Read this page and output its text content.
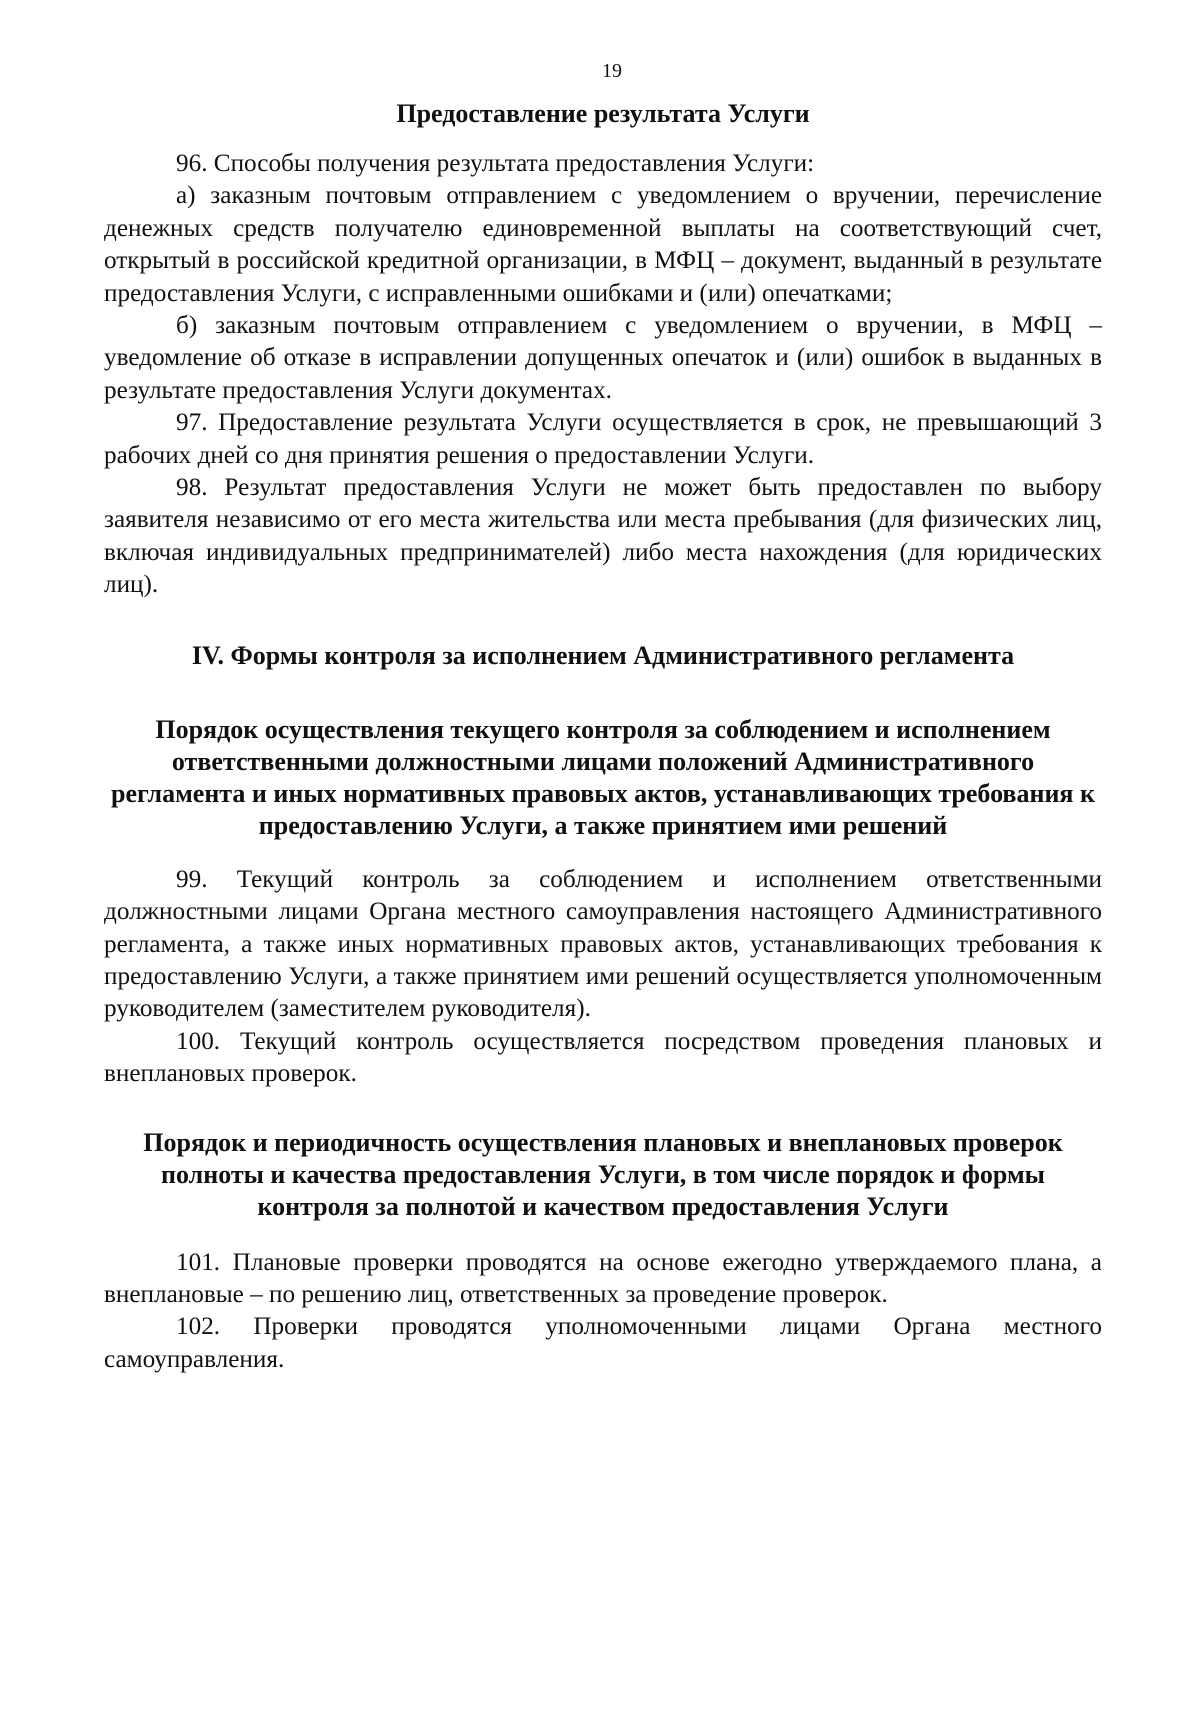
19
Предоставление результата Услуги

96. Способы получения результата предоставления Услуги:

а) заказным почтовым отправлением с уведомлением о вручении, перечисление денежных средств получателю единовременной выплаты на соответствующий счет, открытый в российской кредитной организации, в МФЦ – документ, выданный в результате предоставления Услуги, с исправленными ошибками и (или) опечатками;

б) заказным почтовым отправлением с уведомлением о вручении, в МФЦ – уведомление об отказе в исправлении допущенных опечаток и (или) ошибок в выданных в результате предоставления Услуги документах.

97. Предоставление результата Услуги осуществляется в срок, не превышающий 3 рабочих дней со дня принятия решения о предоставлении Услуги.

98. Результат предоставления Услуги не может быть предоставлен по выбору заявителя независимо от его места жительства или места пребывания (для физических лиц, включая индивидуальных предпринимателей) либо места нахождения (для юридических лиц).

IV. Формы контроля за исполнением Административного регламента
Порядок осуществления текущего контроля за соблюдением и исполнением ответственными должностными лицами положений Административного регламента и иных нормативных правовых актов, устанавливающих требования к предоставлению Услуги, а также принятием ими решений

99. Текущий контроль за соблюдением и исполнением ответственными должностными лицами Органа местного самоуправления настоящего Административного регламента, а также иных нормативных правовых актов, устанавливающих требования к предоставлению Услуги, а также принятием ими решений осуществляется уполномоченным руководителем (заместителем руководителя).

100. Текущий контроль осуществляется посредством проведения плановых и внеплановых проверок.

Порядок и периодичность осуществления плановых и внеплановых проверок полноты и качества предоставления Услуги, в том числе порядок и формы контроля за полнотой и качеством предоставления Услуги

101. Плановые проверки проводятся на основе ежегодно утверждаемого плана, а внеплановые – по решению лиц, ответственных за проведение проверок.

102. Проверки проводятся уполномоченными лицами Органа местного самоуправления.
